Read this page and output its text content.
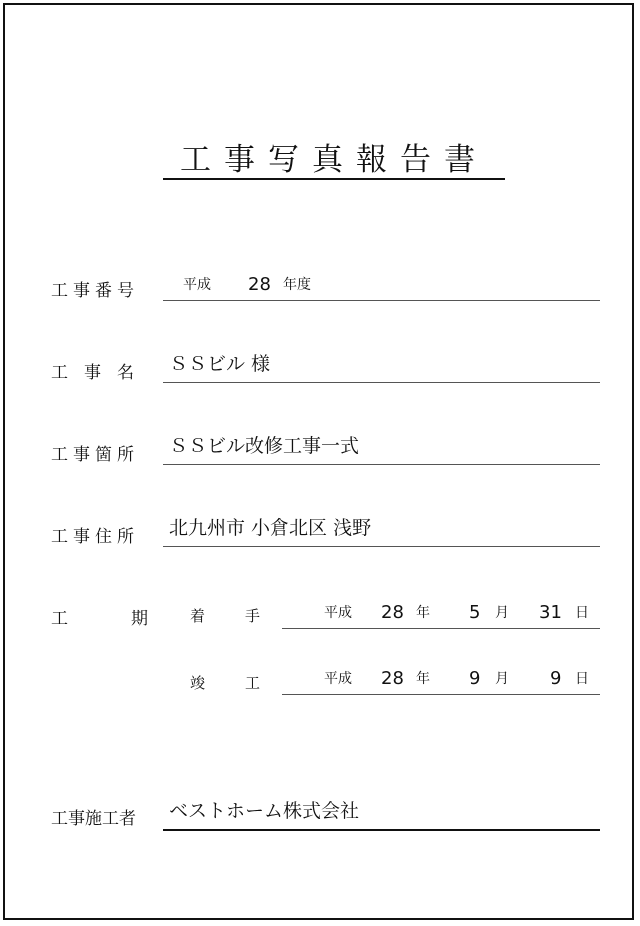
工事写真報告書
工事番号	平成 28 年度
工事名 ＳＳビル 様
工事箇所 ＳＳビル改修工事一式
工事住所 北九州市 小倉北区 浅野
工	期	着手 平成 28 年 5 月 31 日
竣工 平成 28 年 9 月 9 日
工事施工者 ベストホーム株式会社
